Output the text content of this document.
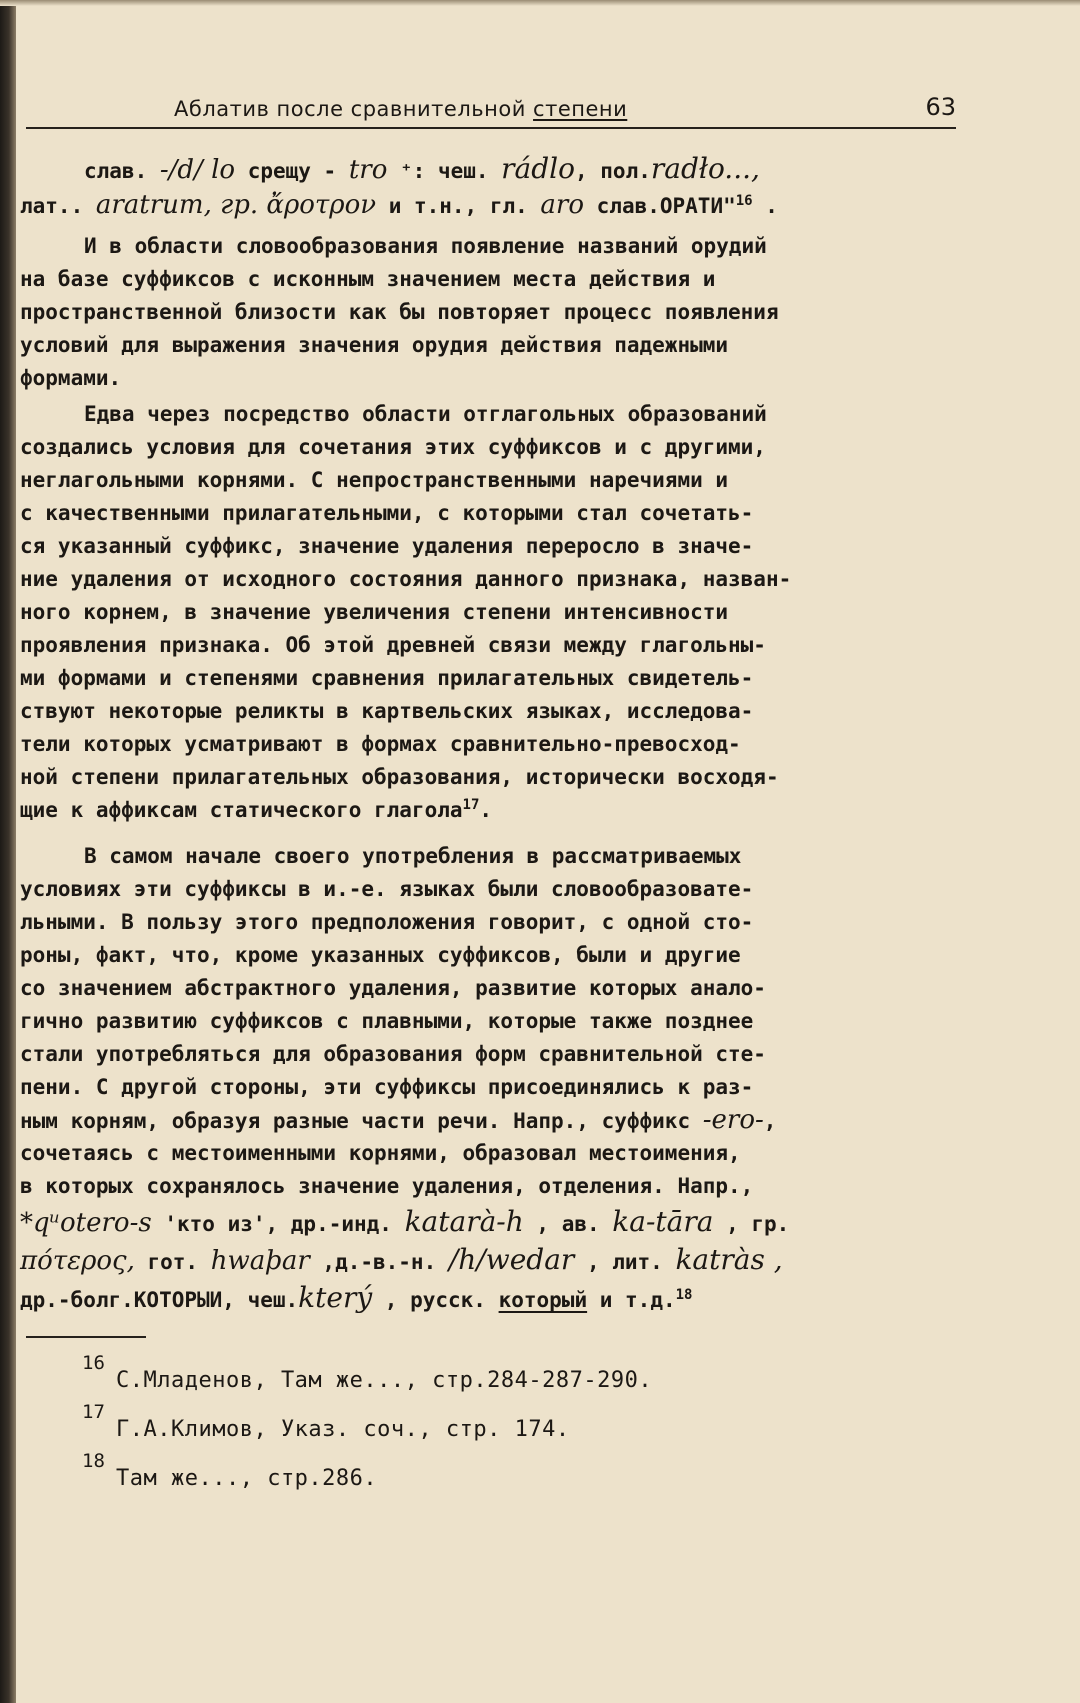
Аблатив после сравнительной степени	63
слав. -/d/ lo срещу - tro ⁺: чеш. rádlo, пол.radło...,
лат.. aratrum, гр. ἄροτρον и т.н., гл. aro слав.ОРАТИ"$^{16}$ .
И в области словообразования появление названий орудий
на базе суффиксов с исконным значением места действия и
пространственной близости как бы повторяет процесс появления
условий для выражения значения орудия действия падежными
формами.
Едва через посредство области отглагольных образований
создались условия для сочетания этих суффиксов и с другими,
неглагольными корнями. С непространственными наречиями и
с качественными прилагательными, с которыми стал сочетать-
ся указанный суффикс, значение удаления переросло в значе-
ние удаления от исходного состояния данного признака, назван-
ного корнем, в значение увеличения степени интенсивности
проявления признака. Об этой древней связи между глагольны-
ми формами и степенями сравнения прилагательных свидетель-
ствуют некоторые реликты в картвельских языках, исследова-
тели которых усматривают в формах сравнительно-превосход-
ной степени прилагательных образования, исторически восходя-
щие к аффиксам статического глагола$^{17}$.
В самом начале своего употребления в рассматриваемых
условиях эти суффиксы в и.-е. языках были словообразовате-
льными. В пользу этого предположения говорит, с одной сто-
роны, факт, что, кроме указанных суффиксов, были и другие
со значением абстрактного удаления, развитие которых анало-
гично развитию суффиксов с плавными, которые также позднее
стали употребляться для образования форм сравнительной сте-
пени. С другой стороны, эти суффиксы присоединялись к раз-
ным корням, образуя разные части речи. Напр., суффикс -ero-,
сочетаясь с местоименными корнями, образовал местоимения,
в которых сохранялось значение удаления, отделения. Напр.,
*qᵘotero-s 'кто из', др.-инд. katarà-h , ав. ka-tāra , гр.
πότερος, гот. hwaþar ,д.-в.-н. /h/wedar , лит. katràs ,
др.-болг.КОТОРЫИ, чеш.který , русск. который и т.д.$^{18}$
16
С.Младенов, Там же..., стр.284-287-290.
17
Г.А.Климов, Указ. соч., стр. 174.
18
Там же..., стр.286.
